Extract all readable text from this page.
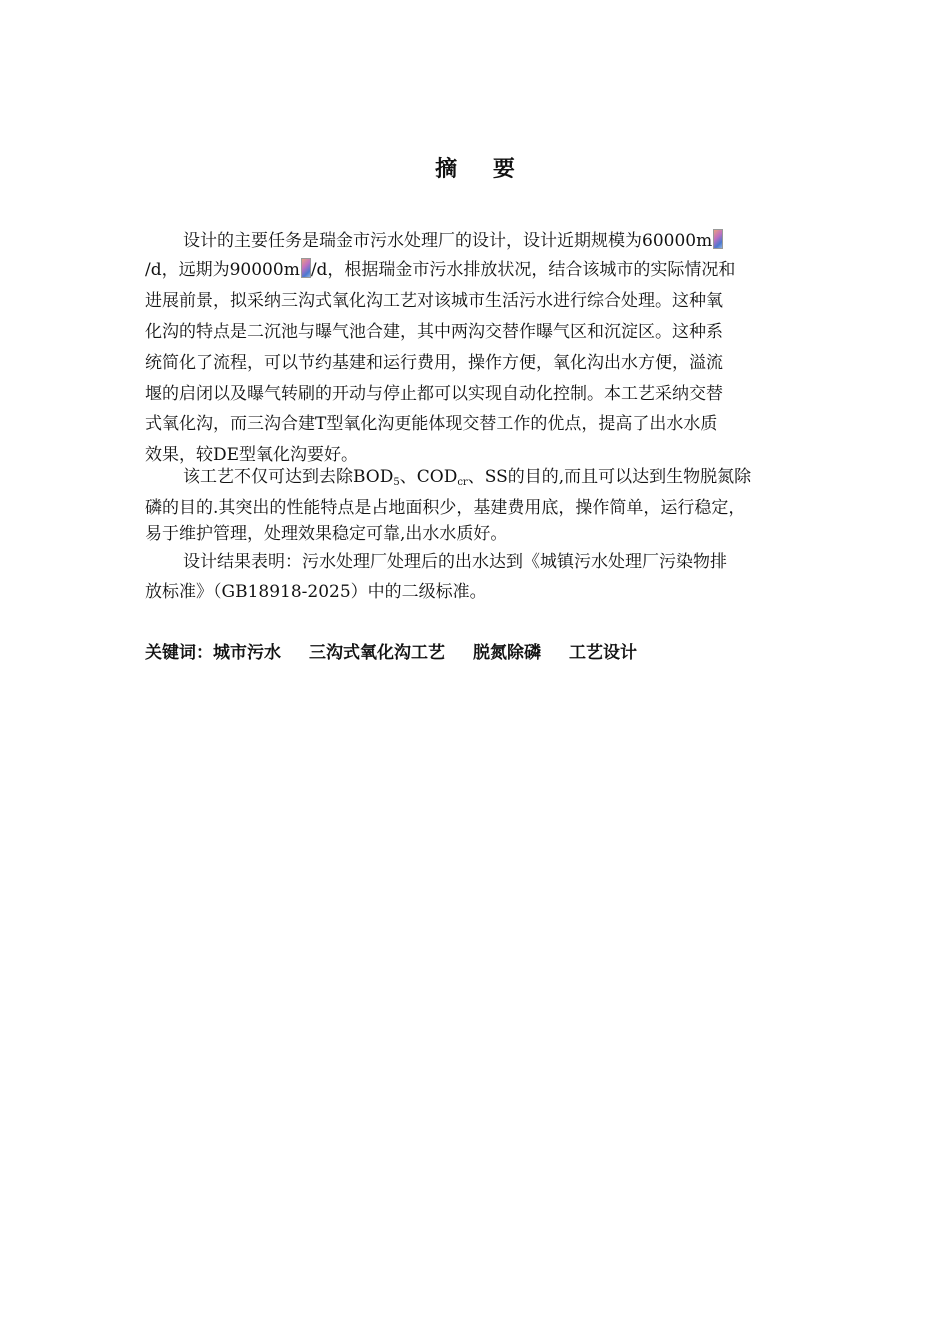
摘 要
设计的主要任务是瑞金市污水处理厂的设计，设计近期规模为60000m
/d，远期为90000m /d，根据瑞金市污水排放状况，结合该城市的实际情况和
进展前景，拟采纳三沟式氧化沟工艺对该城市生活污水进行综合处理。这种氧
化沟的特点是二沉池与曝气池合建，其中两沟交替作曝气区和沉淀区。这种系
统简化了流程，可以节约基建和运行费用，操作方便，氧化沟出水方便，溢流
堰的启闭以及曝气转刷的开动与停止都可以实现自动化控制。本工艺采纳交替
式氧化沟，而三沟合建T型氧化沟更能体现交替工作的优点，提高了出水水质
效果，较DE型氧化沟要好。
该工艺不仅可达到去除$BOD_5$、$COD_{cr}$、SS的目的,而且可以达到生物脱氮除
磷的目的.其突出的性能特点是占地面积少，基建费用底，操作简单，运行稳定，
易于维护管理，处理效果稳定可靠,出水水质好。
设计结果表明：污水处理厂处理后的出水达到《城镇污水处理厂污染物排
放标准》（GB18918-2025）中的二级标准。
关键词：城市污水 三沟式氧化沟工艺 脱氮除磷 工艺设计
